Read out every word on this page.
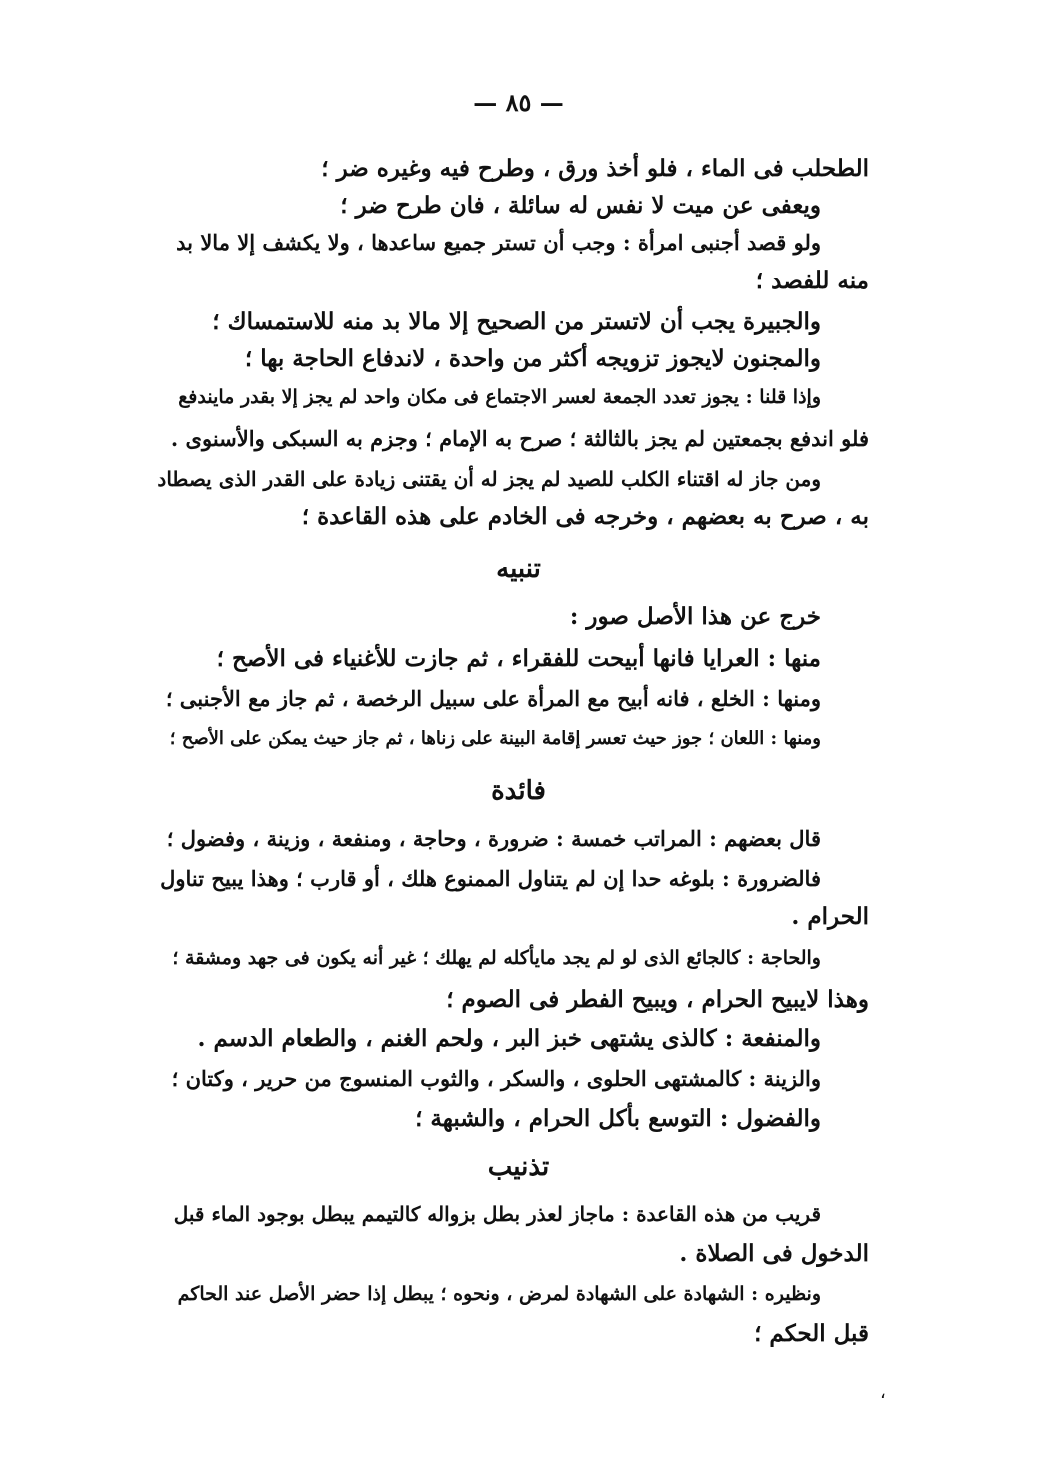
— ٨٥ —
الطحلب فى الماء ، فلو أخذ ورق ، وطرح فيه وغيره ضر ؛
ويعفى عن ميت لا نفس له سائلة ، فان طرح ضر ؛
ولو قصد أجنبى امرأة : وجب أن تستر جميع ساعدها ، ولا يكشف إلا مالا بد
منه للفصد ؛
والجبيرة يجب أن لاتستر من الصحيح إلا مالا بد منه للاستمساك ؛
والمجنون لايجوز تزويجه أكثر من واحدة ، لاندفاع الحاجة بها ؛
وإذا قلنا : يجوز تعدد الجمعة لعسر الاجتماع فى مكان واحد لم يجز إلا بقدر مايندفع
فلو اندفع بجمعتين لم يجز بالثالثة ؛ صرح به الإمام ؛ وجزم به السبكى والأسنوى .
ومن جاز له اقتناء الكلب للصيد لم يجز له أن يقتنى زيادة على القدر الذى يصطاد
به ، صرح به بعضهم ، وخرجه فى الخادم على هذه القاعدة ؛
تنبيه
خرج عن هذا الأصل صور :
منها : العرايا فانها أبيحت للفقراء ، ثم جازت للأغنياء فى الأصح ؛
ومنها : الخلع ، فانه أبيح مع المرأة على سبيل الرخصة ، ثم جاز مع الأجنبى ؛
ومنها : اللعان ؛ جوز حيث تعسر إقامة البينة على زناها ، ثم جاز حيث يمكن على الأصح ؛
فائدة
قال بعضهم : المراتب خمسة : ضرورة ، وحاجة ، ومنفعة ، وزينة ، وفضول ؛
فالضرورة : بلوغه حدا إن لم يتناول الممنوع هلك ، أو قارب ؛ وهذا يبيح تناول
الحرام .
والحاجة : كالجائع الذى لو لم يجد مايأكله لم يهلك ؛ غير أنه يكون فى جهد ومشقة ؛
وهذا لايبيح الحرام ، ويبيح الفطر فى الصوم ؛
والمنفعة : كالذى يشتهى خبز البر ، ولحم الغنم ، والطعام الدسم .
والزينة : كالمشتهى الحلوى ، والسكر ، والثوب المنسوج من حرير ، وكتان ؛
والفضول : التوسع بأكل الحرام ، والشبهة ؛
تذنيب
قريب من هذه القاعدة : ماجاز لعذر بطل بزواله كالتيمم يبطل بوجود الماء قبل
الدخول فى الصلاة .
ونظيره : الشهادة على الشهادة لمرض ، ونحوه ؛ يبطل إذا حضر الأصل عند الحاكم
قبل الحكم ؛
،
